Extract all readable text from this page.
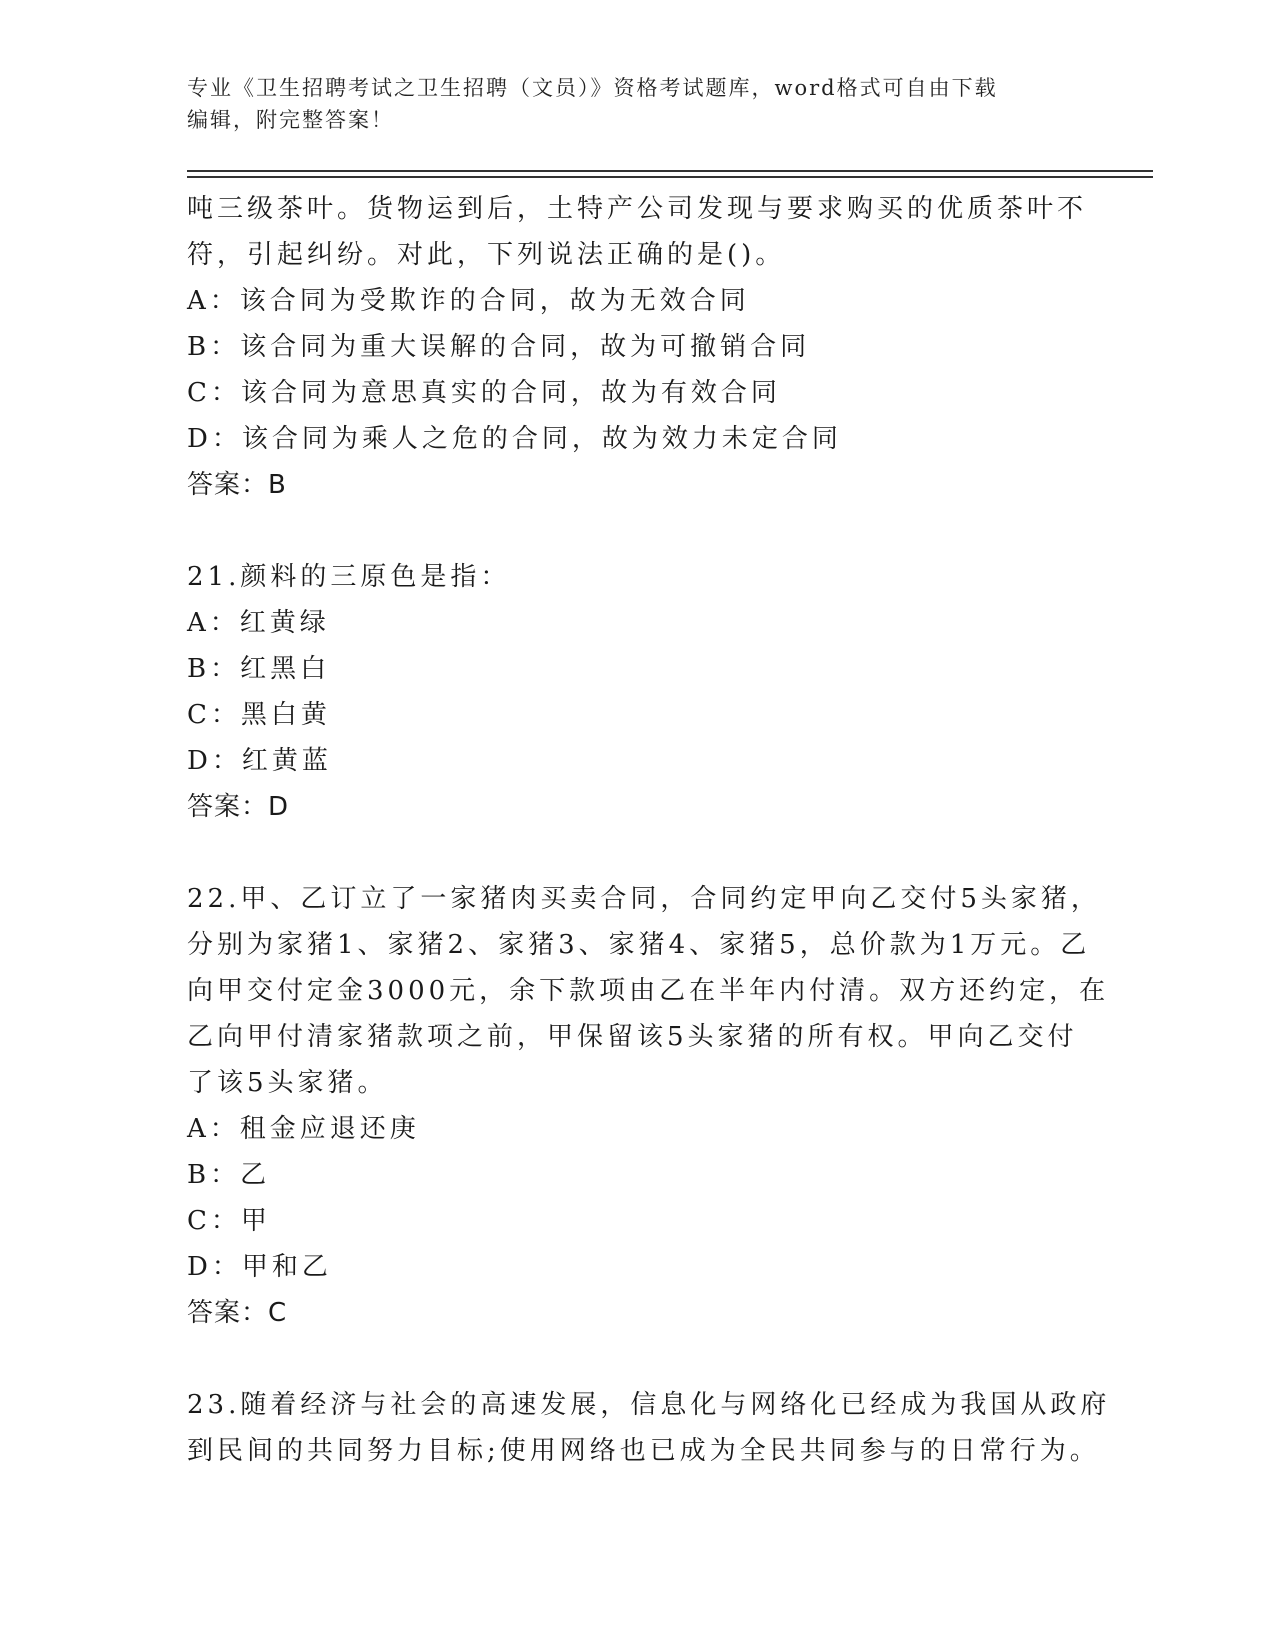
专业《卫生招聘考试之卫生招聘（文员）》资格考试题库，word格式可自由下载
编辑，附完整答案！
吨三级茶叶。货物运到后，土特产公司发现与要求购买的优质茶叶不
符，引起纠纷。对此，下列说法正确的是()。
A：该合同为受欺诈的合同，故为无效合同
B：该合同为重大误解的合同，故为可撤销合同
C：该合同为意思真实的合同，故为有效合同
D：该合同为乘人之危的合同，故为效力未定合同
答案：B
21.颜料的三原色是指：
A：红黄绿
B：红黑白
C：黑白黄
D：红黄蓝
答案：D
22.甲、乙订立了一家猪肉买卖合同，合同约定甲向乙交付5头家猪，
分别为家猪1、家猪2、家猪3、家猪4、家猪5，总价款为1万元。乙
向甲交付定金3000元，余下款项由乙在半年内付清。双方还约定，在
乙向甲付清家猪款项之前，甲保留该5头家猪的所有权。甲向乙交付
了该5头家猪。
A：租金应退还庚
B：乙
C：甲
D：甲和乙
答案：C
23.随着经济与社会的高速发展，信息化与网络化已经成为我国从政府
到民间的共同努力目标;使用网络也已成为全民共同参与的日常行为。
